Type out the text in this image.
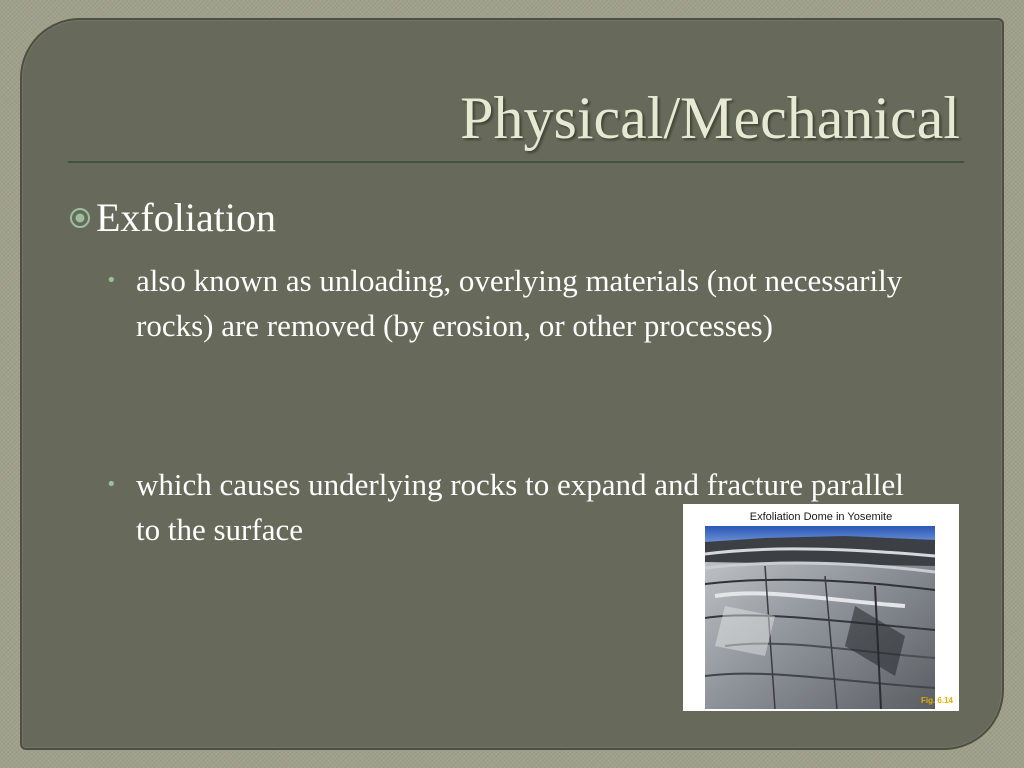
Physical/Mechanical
Exfoliation
• also known as unloading, overlying materials (not necessarily rocks) are removed (by erosion, or other processes)
• which causes underlying rocks to expand and fracture parallel to the surface	Exfoliation Dome in Yosemite
Fig. 6.14
